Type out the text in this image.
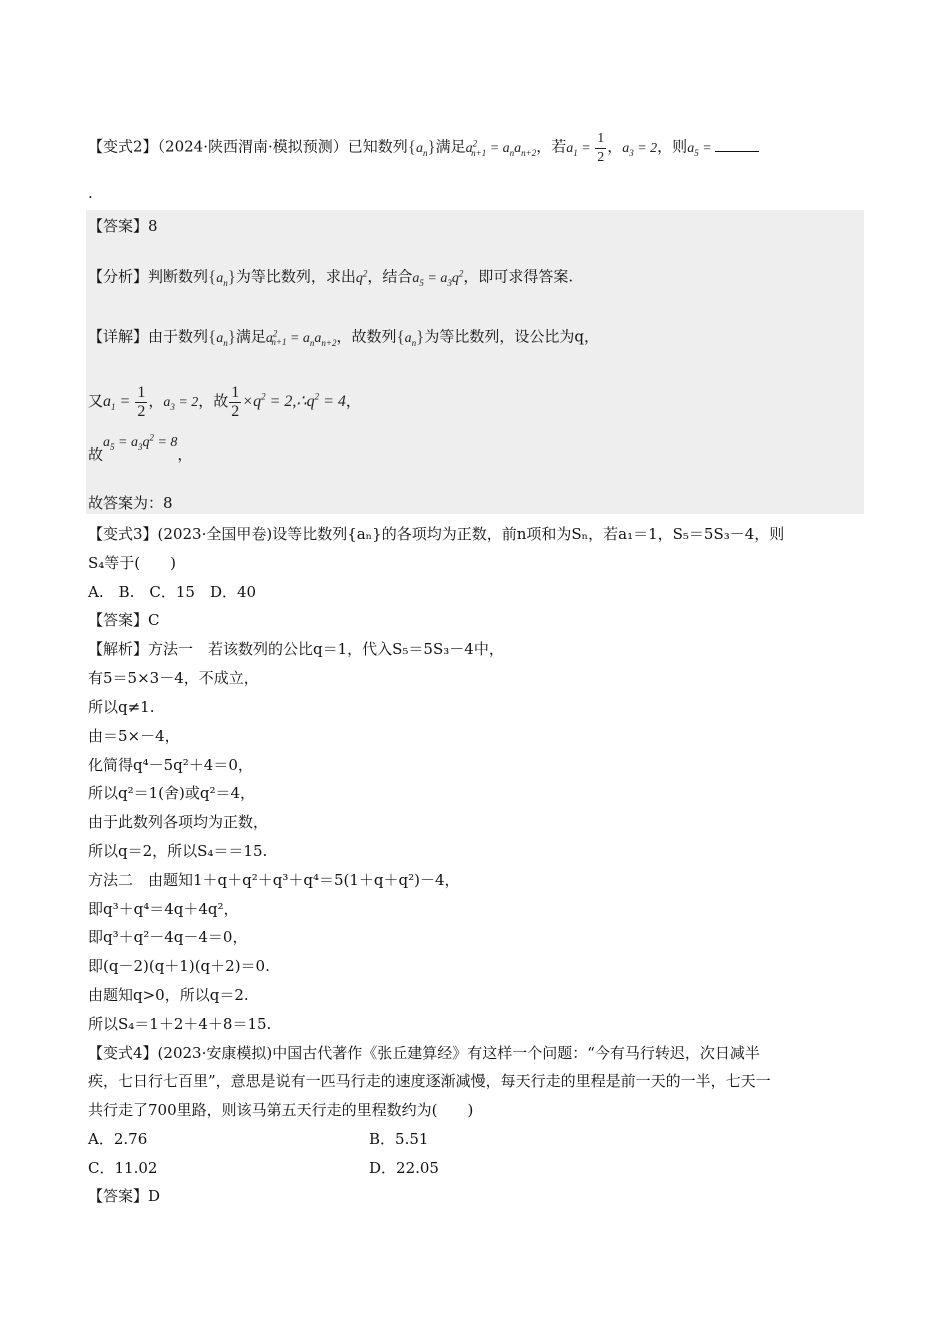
【变式2】（2024·陕西渭南·模拟预测）已知数列$\{a_n\}$满足$a^2_{n+1} = a_na_{n+2}$，若$a_1 = \frac{1}{2}$ ，$a_3 = 2$，则$a_5$ =
.
【答案】8
【分析】判断数列$\{a_n\}$为等比数列，求出$q^2$，结合$a_5 = a_3q^2$，即可求得答案.
【详解】由于数列$\{a_n\}$满足$a^2_{n+1} = a_na_{n+2}$，故数列$\{a_n\}$为等比数列，设公比为q，
又$a_1 = \frac{1}{2}$ ，$a_3 = 2$，故 $\frac{1}{2} \times q^2$ = $2,\therefore q^2 = 4$，
故$a_5 = a_3q^2 = 8$，
故答案为：8
【变式3】(2023·全国甲卷)设等比数列{aₙ}的各项均为正数，前n项和为Sₙ，若a₁＝1，S₅＝5S₃－4，则
S₄等于(　　)
A.　B.　C．15　D．40
【答案】C
【解析】方法一　若该数列的公比q＝1，代入S₅＝5S₃－4中，
有5＝5×3－4，不成立，
所以q≠1.
由＝5×－4，
化简得q⁴－5q²＋4＝0，
所以q²＝1(舍)或q²＝4，
由于此数列各项均为正数，
所以q＝2，所以S₄＝＝15.
方法二　由题知1＋q＋q²＋q³＋q⁴＝5(1＋q＋q²)－4，
即q³＋q⁴＝4q＋4q²，
即q³＋q²－4q－4＝0，
即(q－2)(q＋1)(q＋2)＝0.
由题知q>0，所以q＝2.
所以S₄＝1＋2＋4＋8＝15.
【变式4】(2023·安康模拟)中国古代著作《张丘建算经》有这样一个问题：“今有马行转迟，次日减半
疾，七日行七百里”，意思是说有一匹马行走的速度逐渐减慢，每天行走的里程是前一天的一半，七天一
共行走了700里路，则该马第五天行走的里程数约为(　　)
A．2.76	B．5.51
C．11.02	D．22.05
【答案】D
